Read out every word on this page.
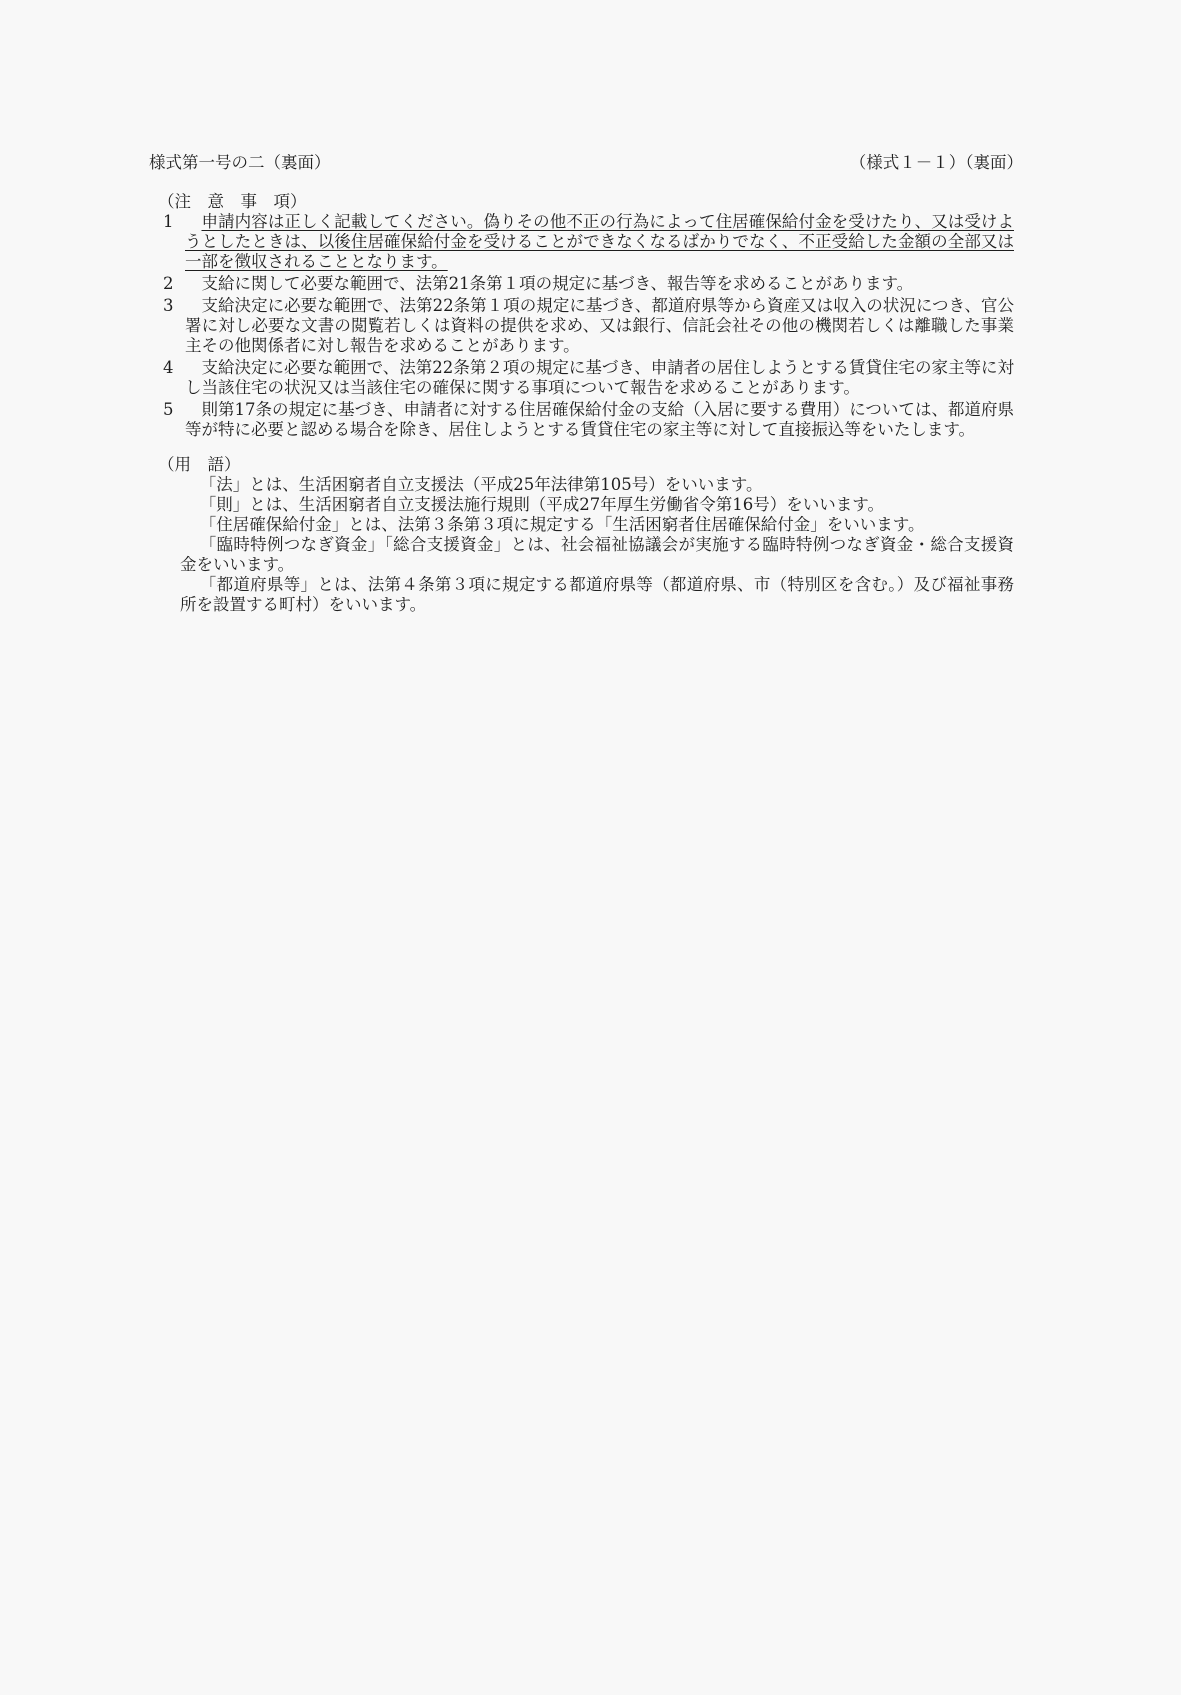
様式第一号の二（裏面）	（様式１－１）（裏面）
（注　意　事　項）
1	申請内容は正しく記載してください。偽りその他不正の行為によって住居確保給付金を受けたり、又は受けようとしたときは、以後住居確保給付金を受けることができなくなるばかりでなく、不正受給した金額の全部又は一部を徴収されることとなります。
2	支給に関して必要な範囲で、法第21条第１項の規定に基づき、報告等を求めることがあります。
3	支給決定に必要な範囲で、法第22条第１項の規定に基づき、都道府県等から資産又は収入の状況につき、官公署に対し必要な文書の閲覧若しくは資料の提供を求め、又は銀行、信託会社その他の機関若しくは離職した事業主その他関係者に対し報告を求めることがあります。
4	支給決定に必要な範囲で、法第22条第２項の規定に基づき、申請者の居住しようとする賃貸住宅の家主等に対し当該住宅の状況又は当該住宅の確保に関する事項について報告を求めることがあります。
5	則第17条の規定に基づき、申請者に対する住居確保給付金の支給（入居に要する費用）については、都道府県等が特に必要と認める場合を除き、居住しようとする賃貸住宅の家主等に対して直接振込等をいたします。
（用　語）
「法」とは、生活困窮者自立支援法（平成25年法律第105号）をいいます。
「則」とは、生活困窮者自立支援法施行規則（平成27年厚生労働省令第16号）をいいます。
「住居確保給付金」とは、法第３条第３項に規定する「生活困窮者住居確保給付金」をいいます。
「臨時特例つなぎ資金」「総合支援資金」とは、社会福祉協議会が実施する臨時特例つなぎ資金・総合支援資金をいいます。
「都道府県等」とは、法第４条第３項に規定する都道府県等（都道府県、市（特別区を含む。）及び福祉事務所を設置する町村）をいいます。
